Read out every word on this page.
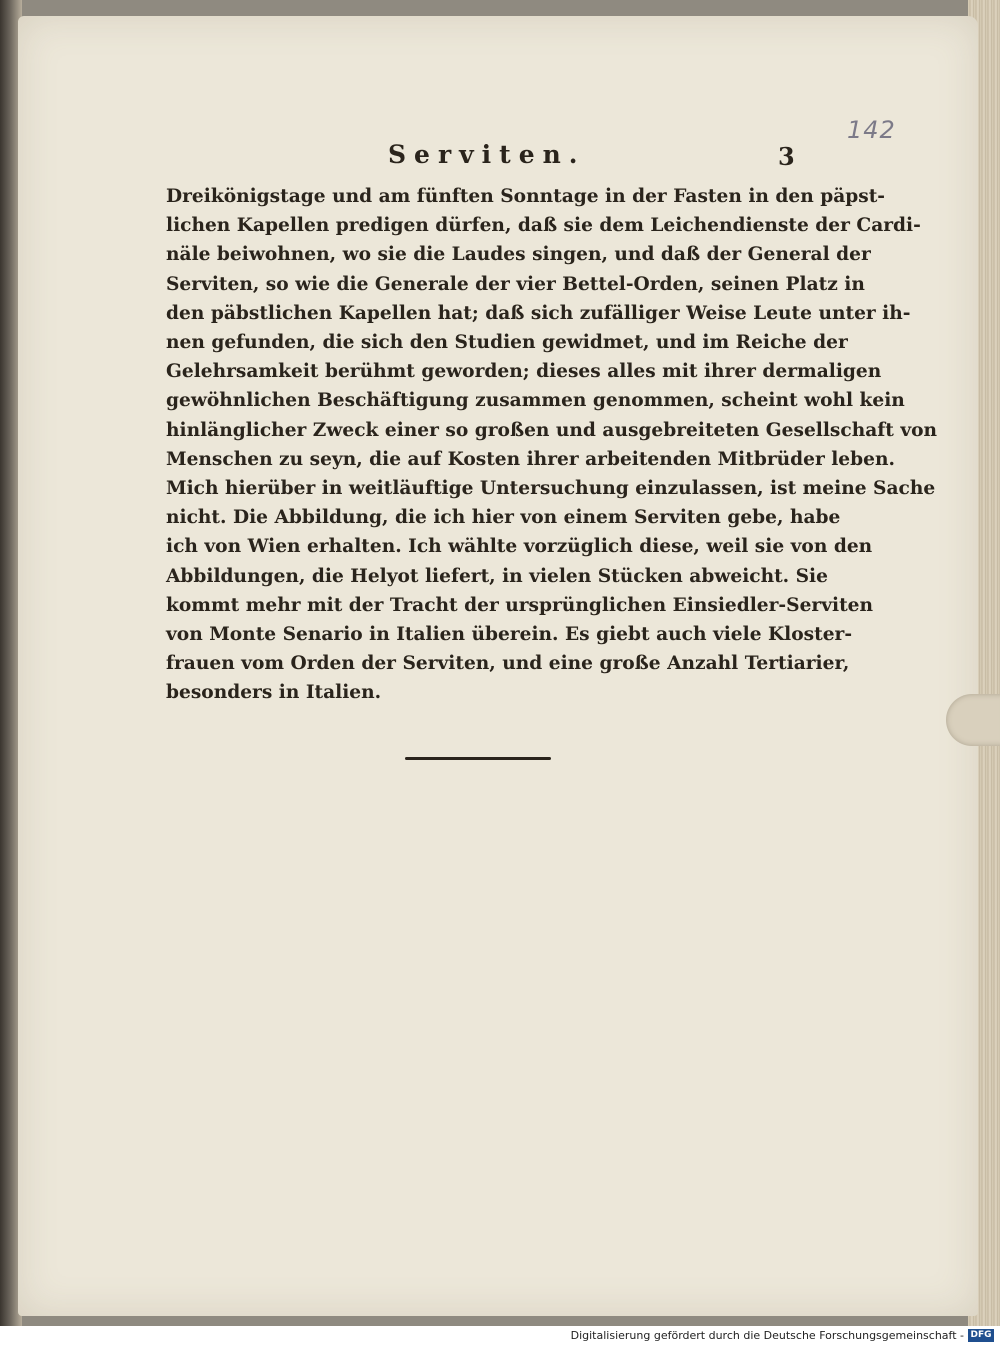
142
Serviten.	3
Dreikönigstage und am fünften Sonntage in der Fasten in den päpst-
lichen Kapellen predigen dürfen, daß sie dem Leichendienste der Cardi-
näle beiwohnen, wo sie die Laudes singen, und daß der General der
Serviten, so wie die Generale der vier Bettel-Orden, seinen Platz in
den päbstlichen Kapellen hat; daß sich zufälliger Weise Leute unter ih-
nen gefunden, die sich den Studien gewidmet, und im Reiche der
Gelehrsamkeit berühmt geworden; dieses alles mit ihrer dermaligen
gewöhnlichen Beschäftigung zusammen genommen, scheint wohl kein
hinlänglicher Zweck einer so großen und ausgebreiteten Gesellschaft von
Menschen zu seyn, die auf Kosten ihrer arbeitenden Mitbrüder leben.
Mich hierüber in weitläuftige Untersuchung einzulassen, ist meine Sache
nicht. Die Abbildung, die ich hier von einem Serviten gebe, habe
ich von Wien erhalten. Ich wählte vorzüglich diese, weil sie von den
Abbildungen, die Helyot liefert, in vielen Stücken abweicht. Sie
kommt mehr mit der Tracht der ursprünglichen Einsiedler-Serviten
von Monte Senario in Italien überein. Es giebt auch viele Kloster-
frauen vom Orden der Serviten, und eine große Anzahl Tertiarier,
besonders in Italien.
Digitalisierung gefördert durch die Deutsche Forschungsgemeinschaft - DFG
